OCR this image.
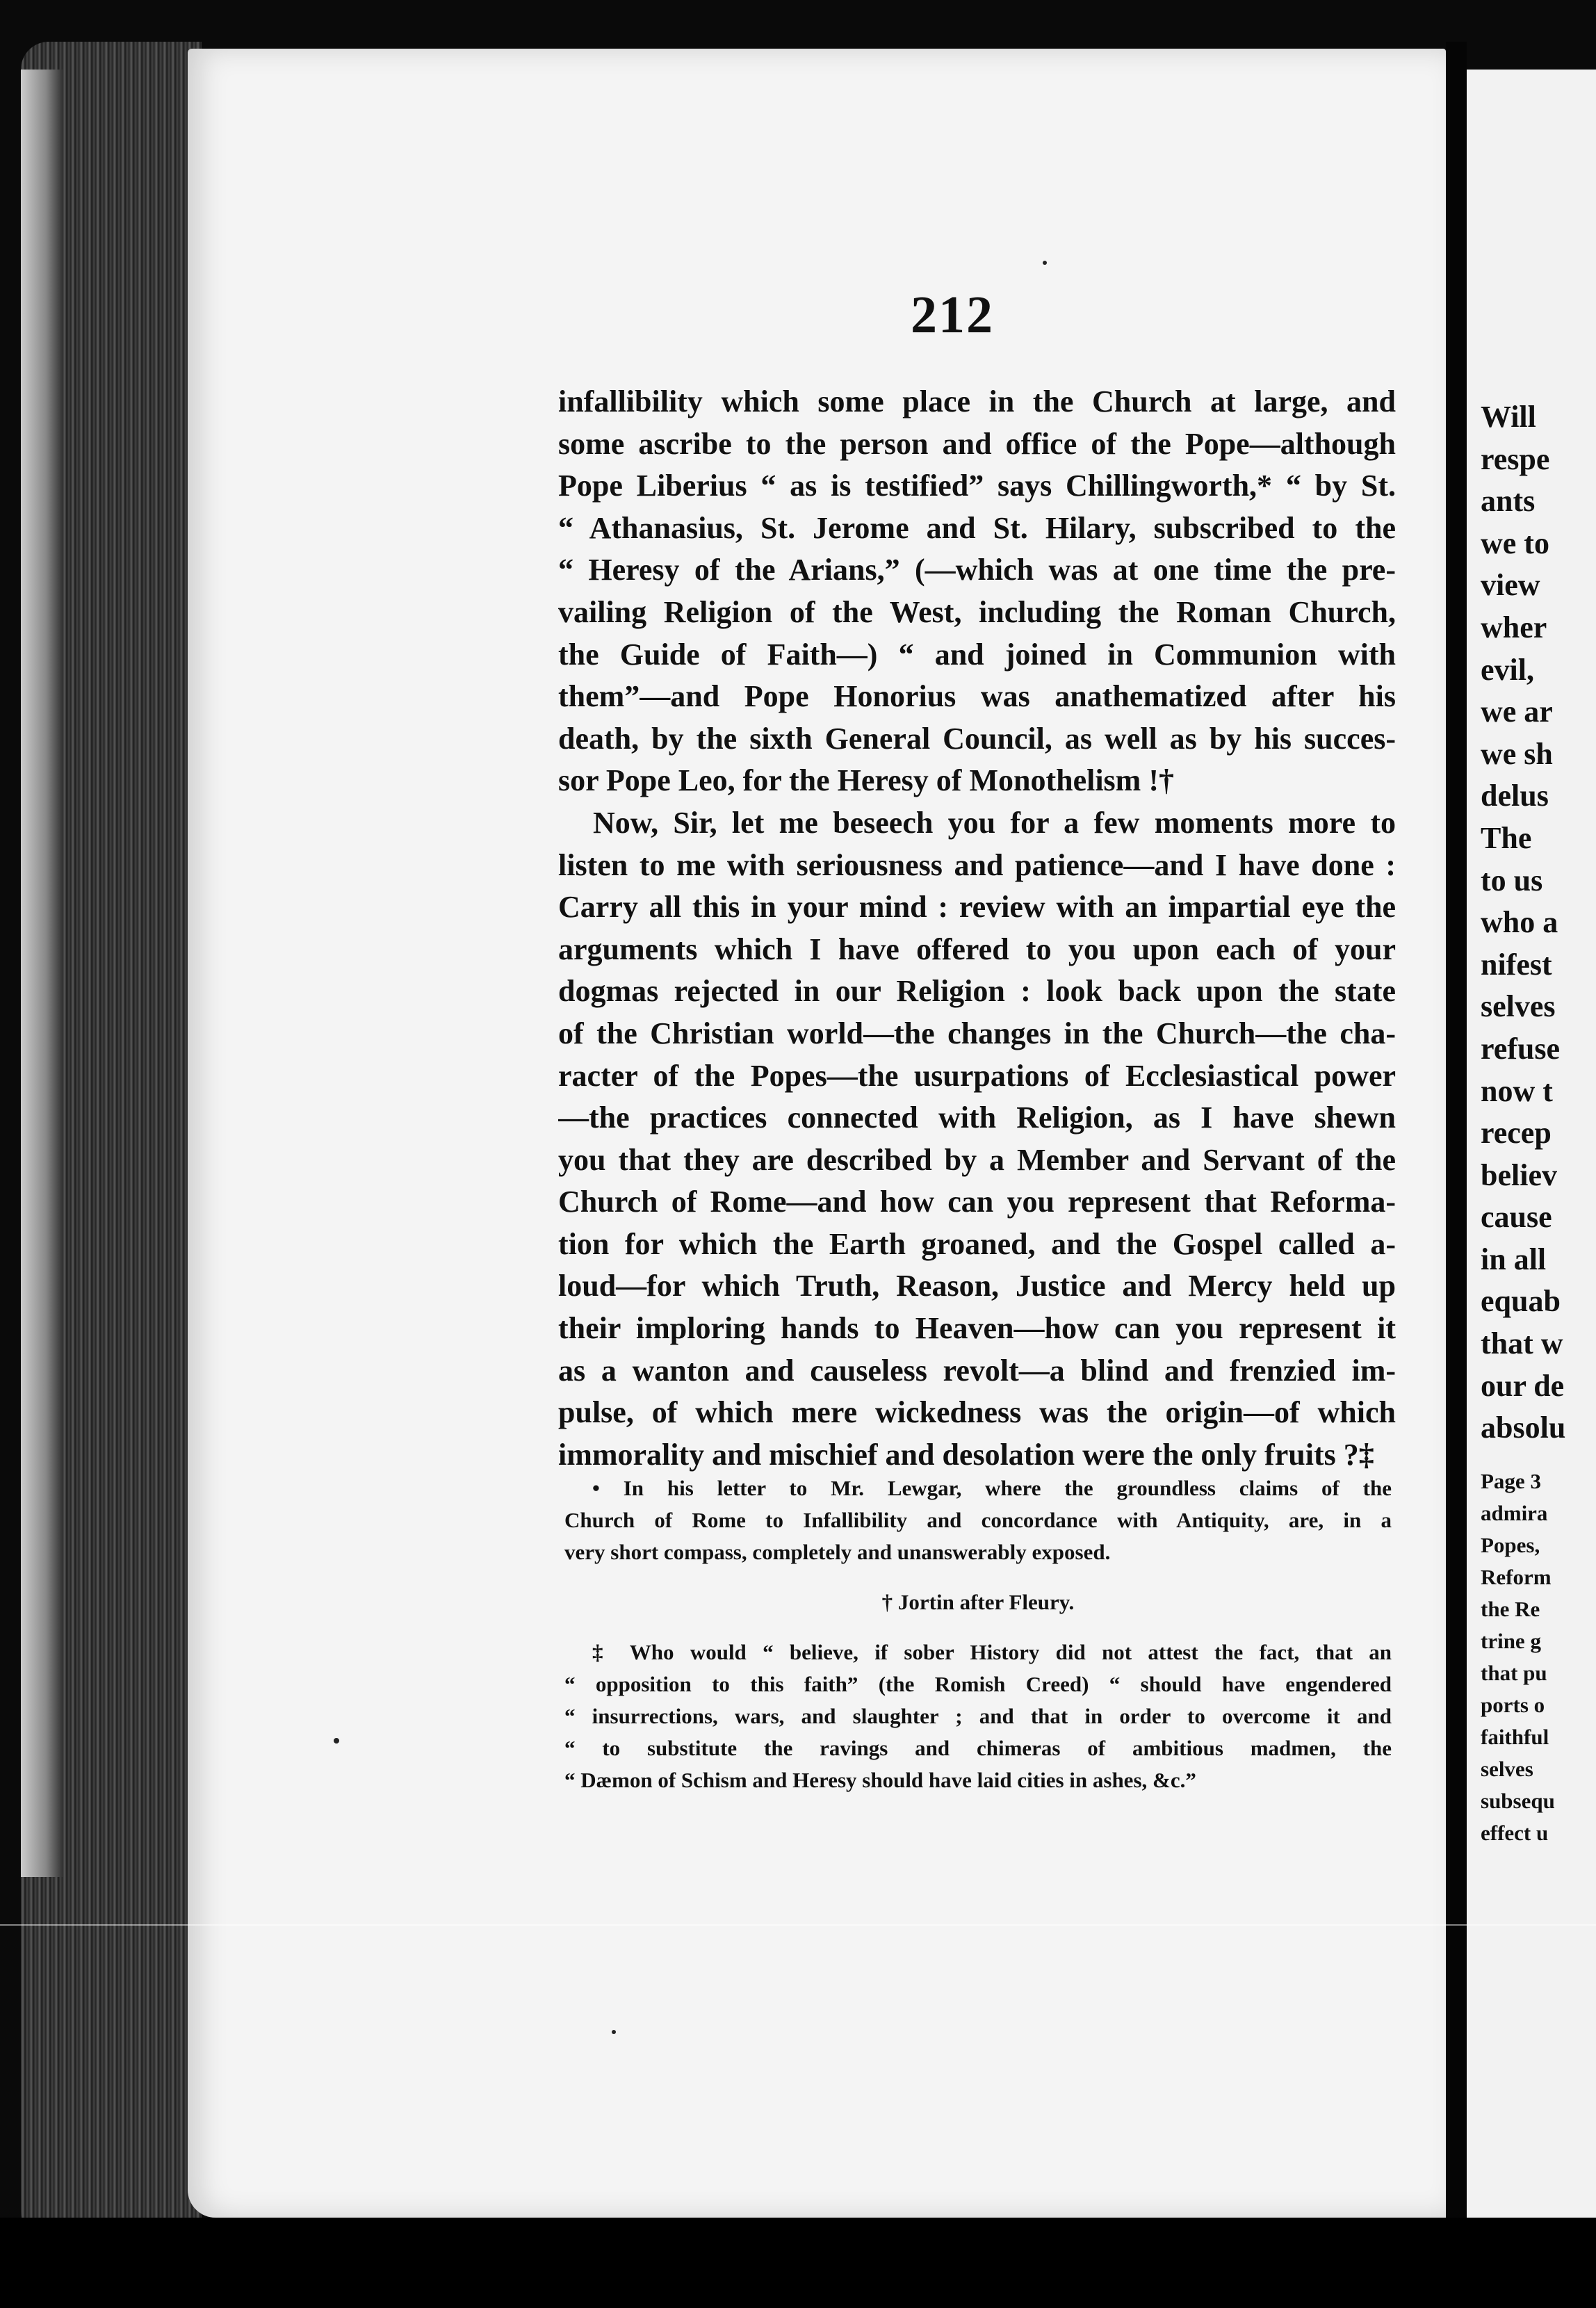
212
infallibility which some place in the Church at large, and
some ascribe to the person and office of the Pope—although
Pope Liberius “ as is testified” says Chillingworth,* “ by St.
“ Athanasius, St. Jerome and St. Hilary, subscribed to the
“ Heresy of the Arians,” (—which was at one time the pre-
vailing Religion of the West, including the Roman Church,
the Guide of Faith—) “ and joined in Communion with
them”—and Pope Honorius was anathematized after his
death, by the sixth General Council, as well as by his succes-
sor Pope Leo, for the Heresy of Monothelism !†
Now, Sir, let me beseech you for a few moments more to
listen to me with seriousness and patience—and I have done :
Carry all this in your mind : review with an impartial eye the
arguments which I have offered to you upon each of your
dogmas rejected in our Religion : look back upon the state
of the Christian world—the changes in the Church—the cha-
racter of the Popes—the usurpations of Ecclesiastical power
—the practices connected with Religion, as I have shewn
you that they are described by a Member and Servant of the
Church of Rome—and how can you represent that Reforma-
tion for which the Earth groaned, and the Gospel called a-
loud—for which Truth, Reason, Justice and Mercy held up
their imploring hands to Heaven—how can you represent it
as a wanton and causeless revolt—a blind and frenzied im-
pulse, of which mere wickedness was the origin—of which
immorality and mischief and desolation were the only fruits ?‡
• In his letter to Mr. Lewgar, where the groundless claims of the
Church of Rome to Infallibility and concordance with Antiquity, are, in a
very short compass, completely and unanswerably exposed.
† Jortin after Fleury.
‡ Who would “ believe, if sober History did not attest the fact, that an
“ opposition to this faith” (the Romish Creed) “ should have engendered
“ insurrections, wars, and slaughter ; and that in order to overcome it and
“ to substitute the ravings and chimeras of ambitious madmen, the
“ Dæmon of Schism and Heresy should have laid cities in ashes, &c.”
Will
respe
ants
we to
view
wher
evil,
we ar
we sh
delus
The
to us
who a
nifest
selves
refuse
now t
recep
believ
cause
in all
equab
that w
our de
absolu
Page 3
admira
Popes,
Reform
the Re
trine g
that pu
ports o
faithful
selves
subsequ
effect u
